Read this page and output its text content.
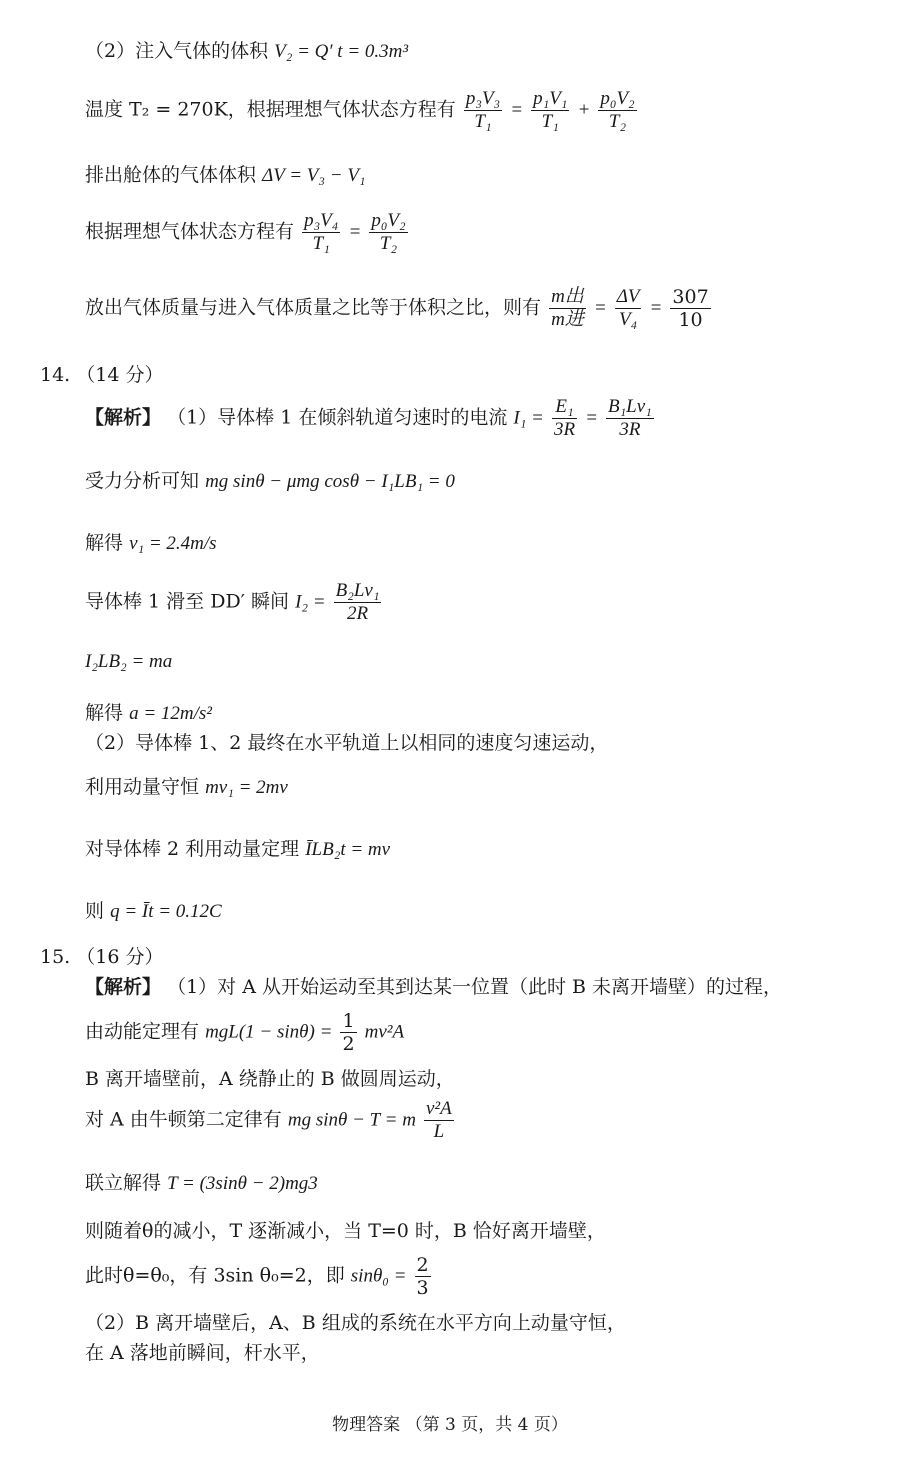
（2）注入气体的体积 V₂ = Q′ t = 0.3m³
温度 T₂ = 270K，根据理想气体状态方程有 $\frac{\text{p₃V₃}}{\text{T₁}} = \frac{\text{p₁V₁}}{\text{T₁}} + \frac{\text{p₀V₂}}{\text{T₂}}$
排出舱体的气体体积 ΔV = V₃ − V₁
根据理想气体状态方程有 $\frac{\text{p₃V₄}}{\text{T₁}} = \frac{\text{p₀V₂}}{\text{T₂}}$
放出气体质量与进入气体质量之比等于体积之比，则有 $\frac{\text{m出}}{\text{m进}} = \frac{\Delta V}{\text{V₄}} = \frac{307}{10}$
14. （14 分）
【解析】 （1）导体棒 1 在倾斜轨道匀速时的电流 $I_1 = \frac{\text{E₁}}{3R} = \frac{\text{B₁Lv₁}}{3R}$
受力分析可知 mg sinθ − μmg cosθ − I₁LB₁ = 0
解得 v₁ = 2.4m/s
导体棒 1 滑至 DD′ 瞬间 $I_2 = \frac{\text{B₂Lv₁}}{2R}$
I₂LB₂ = ma
解得 a = 12m/s²
（2）导体棒 1、2 最终在水平轨道上以相同的速度匀速运动，
利用动量守恒 mv₁ = 2mv
对导体棒 2 利用动量定理 ĪLB₂t = mv
则 q = Īt = 0.12C
15. （16 分）
【解析】 （1）对 A 从开始运动至其到达某一位置（此时 B 未离开墙壁）的过程，
由动能定理有 $mgL(1 - \sin\theta) = \frac{1}{2} mv^2A$
B 离开墙壁前，A 绕静止的 B 做圆周运动，
对 A 由牛顿第二定律有 mg sinθ − T = m $\frac{\text{v²A}}{L}$
联立解得 T = (3sinθ − 2)mg3
则随着θ的减小，T 逐渐减小，当 T=0 时，B 恰好离开墙壁，
此时θ=θ₀，有 3sin θ₀=2，即 $\sin\theta_0 = \frac{2}{3}$
（2）B 离开墙壁后，A、B 组成的系统在水平方向上动量守恒，
在 A 落地前瞬间，杆水平，
物理答案 （第 3 页，共 4 页）
